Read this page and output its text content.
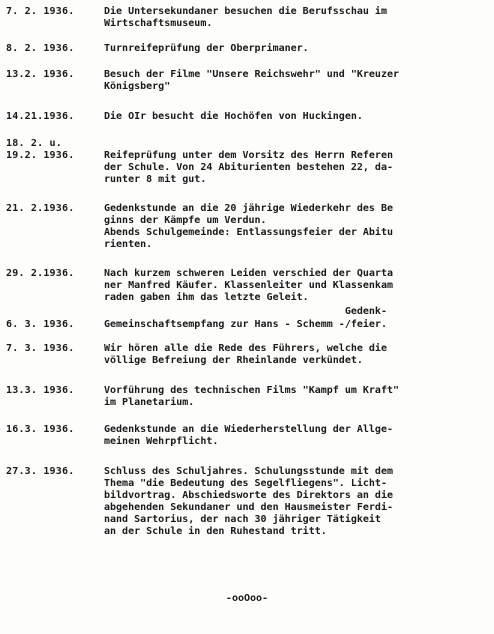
7. 2. 1936.	Die Untersekundaner besuchen die Berufsschau im
Wirtschaftsmuseum.
8. 2. 1936.	Turnreifeprüfung der Oberprimaner.
13.2. 1936.	Besuch der Filme "Unsere Reichswehr" und "Kreuzer
Königsberg"
14.21.1936.	Die OIr besucht die Hochöfen von Huckingen.
18. 2. u.
19.2. 1936.	Reifeprüfung unter dem Vorsitz des Herrn Referen
der Schule. Von 24 Abiturienten bestehen 22, da-
runter 8 mit gut.
21. 2.1936.	Gedenkstunde an die 20 jährige Wiederkehr des Be
ginns der Kämpfe um Verdun.
Abends Schulgemeinde: Entlassungsfeier der Abitu
rienten.
29. 2.1936.	Nach kurzem schweren Leiden verschied der Quarta
ner Manfred Käufer. Klassenleiter und Klassenkam
raden gaben ihm das letzte Geleit.
Gedenk-
6. 3. 1936.	Gemeinschaftsempfang zur Hans - Schemm -/feier.
7. 3. 1936.	Wir hören alle die Rede des Führers, welche die
völlige Befreiung der Rheinlande verkündet.
13.3. 1936.	Vorführung des technischen Films "Kampf um Kraft"
im Planetarium.
16.3. 1936.	Gedenkstunde an die Wiederherstellung der Allge-
meinen Wehrpflicht.
27.3. 1936.	Schluss des Schuljahres. Schulungsstunde mit dem
Thema "die Bedeutung des Segelfliegens". Licht-
bildvortrag. Abschiedsworte des Direktors an die
abgehenden Sekundaner und den Hausmeister Ferdi-
nand Sartorius, der nach 30 jähriger Tätigkeit
an der Schule in den Ruhestand tritt.
-ooOoo-
